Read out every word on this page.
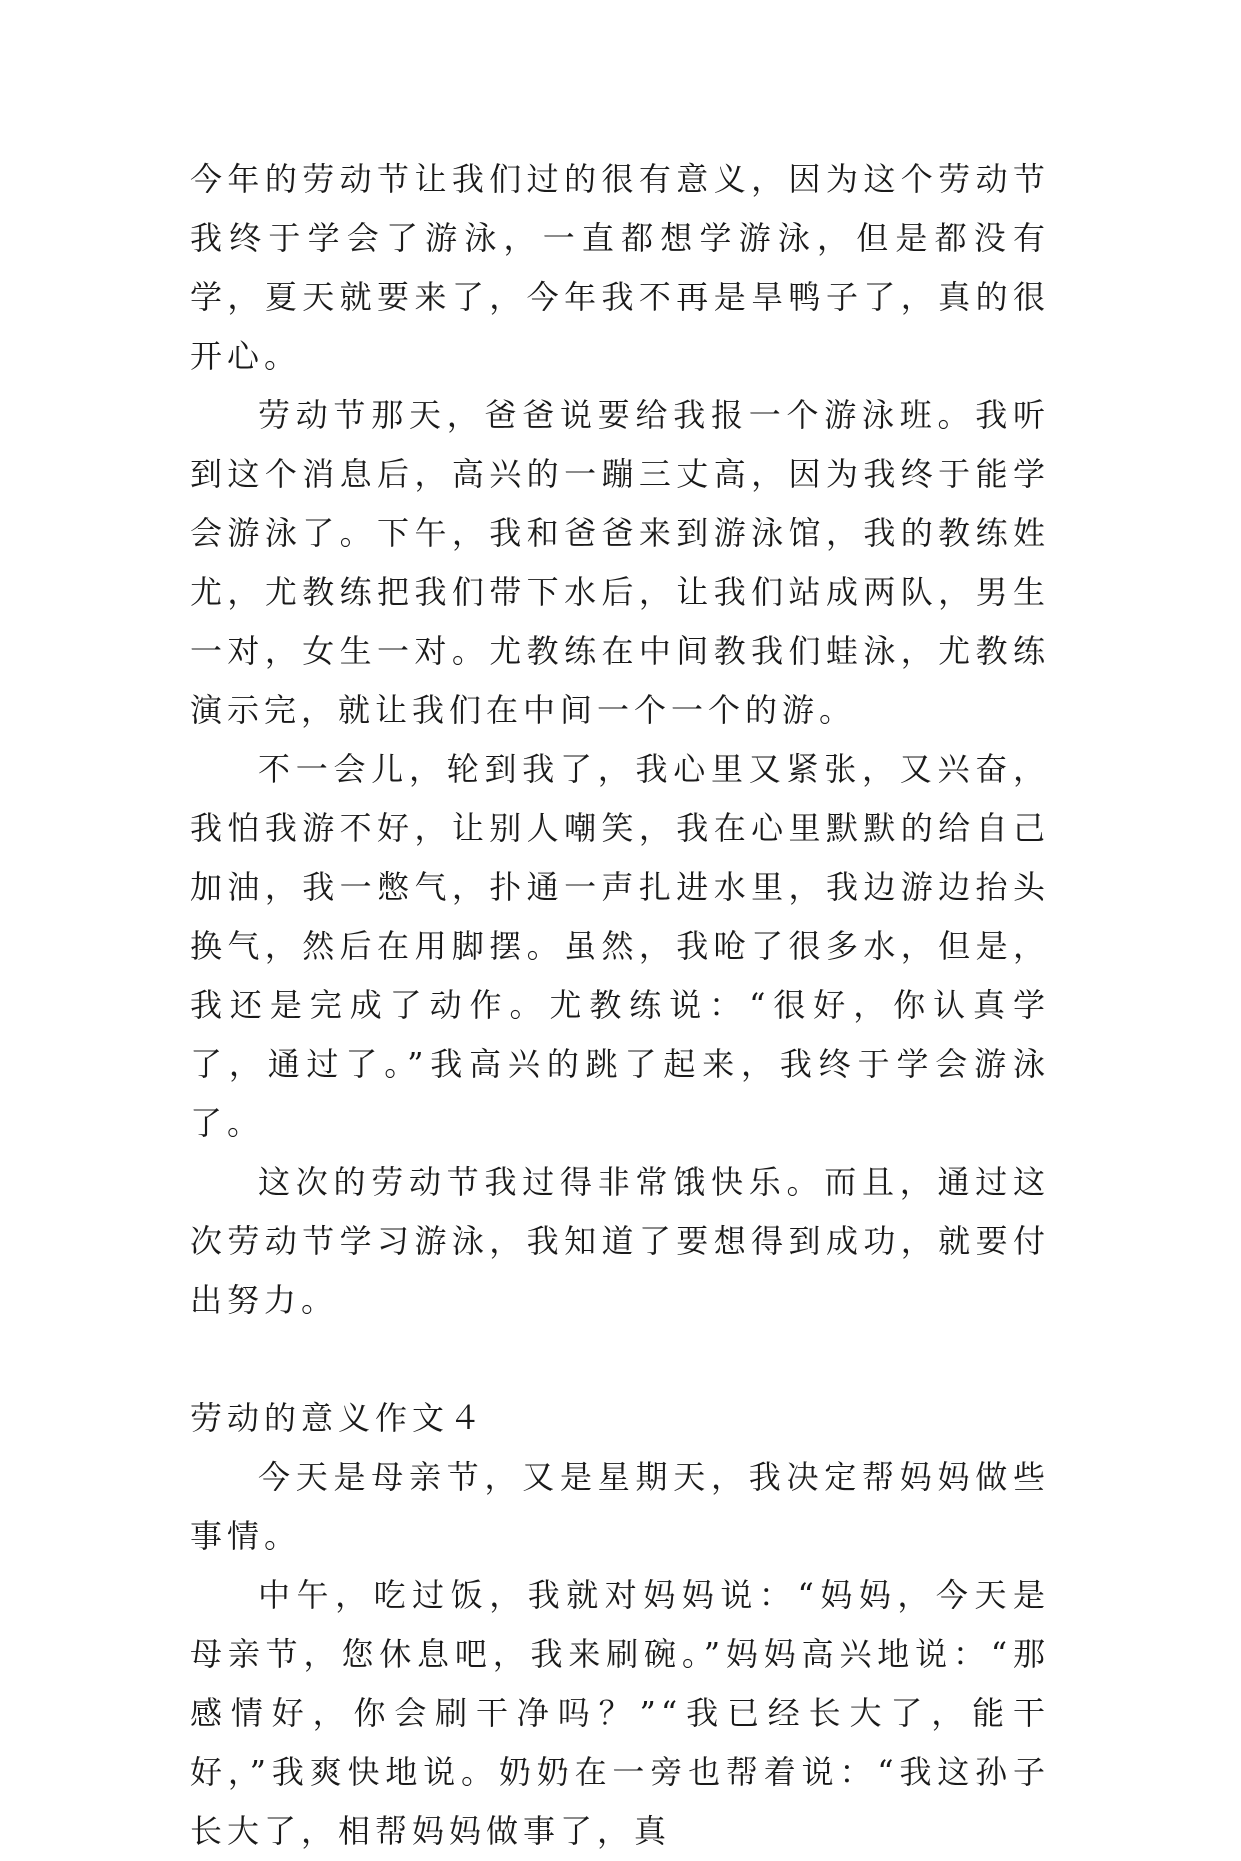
今年的劳动节让我们过的很有意义，因为这个劳动节我终于学会了游泳，一直都想学游泳，但是都没有学，夏天就要来了，今年我不再是旱鸭子了，真的很开心。

劳动节那天，爸爸说要给我报一个游泳班。我听到这个消息后，高兴的一蹦三丈高，因为我终于能学会游泳了。下午，我和爸爸来到游泳馆，我的教练姓尤，尤教练把我们带下水后，让我们站成两队，男生一对，女生一对。尤教练在中间教我们蛙泳，尤教练演示完，就让我们在中间一个一个的游。

不一会儿，轮到我了，我心里又紧张，又兴奋，我怕我游不好，让别人嘲笑，我在心里默默的给自己加油，我一憋气，扑通一声扎进水里，我边游边抬头换气，然后在用脚摆。虽然，我呛了很多水，但是，我还是完成了动作。尤教练说：“很好，你认真学了，通过了。”我高兴的跳了起来，我终于学会游泳了。

这次的劳动节我过得非常饿快乐。而且，通过这次劳动节学习游泳，我知道了要想得到成功，就要付出努力。

劳动的意义作文４

今天是母亲节，又是星期天，我决定帮妈妈做些事情。

中午，吃过饭，我就对妈妈说：“妈妈，今天是母亲节，您休息吧，我来刷碗。”妈妈高兴地说：“那感情好，你会刷干净吗？”“我已经长大了，能干好，”我爽快地说。奶奶在一旁也帮着说：“我这孙子长大了，相帮妈妈做事了，真
